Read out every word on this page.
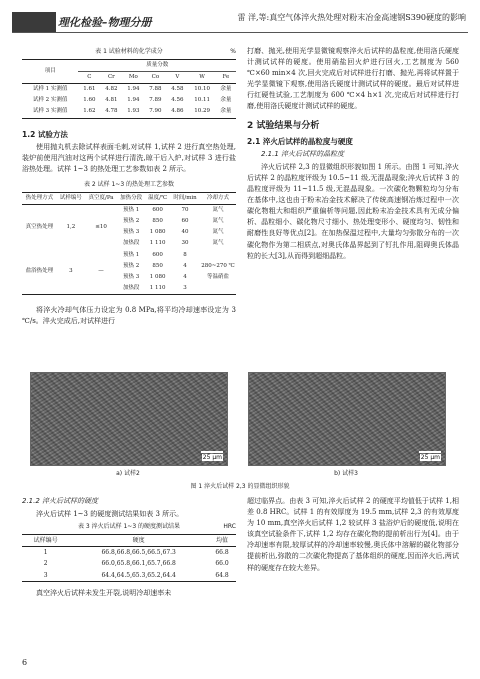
理化检验–物理分册	雷 洋,等:真空气体淬火热处理对粉末冶金高速钢S390硬度的影响
表 1 试验材料的化学成分	%
项目	质量分数						
	C	Cr	Mo	Co	V	W	Fe
试样 1 实测值	1.61	4.82	1.94	7.88	4.58	10.10	余量
试样 2 实测值	1.60	4.81	1.94	7.89	4.56	10.11	余量
试样 3 实测值	1.62	4.78	1.93	7.90	4.86	10.29	余量
1.2 试验方法

使用抛丸机去除试样表面毛刺,对试样 1,试样 2 进行真空热处理,装炉前使用汽油对这两个试样进行清洗,晾干后入炉,对试样 3 进行盐浴热处理。试样 1~3 的热处理工艺参数如表 2 所示。

表 2 试样 1~3 的热处理工艺参数
热处理方式	试样编号	真空度/Pa	加热分段	温度/℃	时间/min	冷却方式
真空热处理	1,2	≤10	预热 1	600	70	氮气
			预热 2	850	60	氮气
			预热 3	1 080	40	氮气
			加热段	1 110	30	氮气
盐浴热处理	3	—	预热 1	600	8	280~270 ℃等温硝盐
			预热 2	850	4	
			预热 3	1 080	4	
			加热段	1 110	3	

将淬火冷却气体压力设定为 0.8 MPa,将平均冷却速率设定为 3 ℃/s。淬火完成后,对试样进行

打磨、抛光,使用光学显微镜观察淬火后试样的晶粒度,使用洛氏硬度计测试试样的硬度。使用硝盐回火炉进行回火,工艺制度为 560 ℃×60 min×4 次,回火完成后对试样进行打磨、抛光,再将试样置于光学显微镜下观察,使用洛氏硬度计测试试样的硬度。最后对试样进行红硬性试验,工艺制度为 600 ℃×4 h×1 次,完成后对试样进行打磨,使用洛氏硬度计测试试样的硬度。

2 试验结果与分析
2.1 淬火后试样的晶粒度与硬度
2.1.1 淬火后试样的晶粒度

淬火后试样 2,3 的显微组织形貌如图 1 所示。由图 1 可知,淬火后试样 2 的晶粒度评级为 10.5~11 级,无混晶现象;淬火后试样 3 的晶粒度评级为 11~11.5 级,无混晶现象。一次碳化物颗粒均匀分布在基体中,这也由于粉末冶金技术解决了传统高速钢冶炼过程中一次碳化物粗大和组织严重偏析等问题,因此粉末冶金技术具有无成分偏析、晶粒细小、碳化物尺寸细小、热处理变形小、硬度均匀、韧性和耐磨性良好等优点[2]。在加热保温过程中,大量均匀弥散分布的一次碳化物作为第二相质点,对奥氏体晶界起到了钉扎作用,阻碍奥氏体晶粒的长大[3],从而得到超细晶粒。

25 μm	25 μm
a) 试样2	b) 试样3
图 1 淬火后试样 2,3 的显微组织形貌
2.1.2 淬火后试样的硬度

淬火后试样 1~3 的硬度测试结果如表 3 所示。

表 3 淬火后试样 1~3 的硬度测试结果	HRC
试样编号	硬度	均值
1	66.8,66.8,66.5,66.5,67.3	66.8
2	66.0,65.8,66.1,65.7,66.8	66.0
3	64.4,64.5,65.3,65.2,64.4	64.8

真空淬火后试样未发生开裂,说明冷却速率未

超过临界点。由表 3 可知,淬火后试样 2 的硬度平均值低于试样 1,相差 0.8 HRC。试样 1 的有效厚度为 19.5 mm,试样 2,3 的有效厚度为 10 mm,真空淬火后试样 1,2 较试样 3 盐浴炉后的硬度低,说明在该真空试验条件下,试样 1,2 均存在碳化物的提前析出行为[4]。由于冷却速率有限,较厚试样的冷却速率较慢,奥氏体中溶解的碳化物部分提前析出,弥散的二次碳化物提高了基体组织的硬度,因而淬火后,两试样的硬度存在较大差异。

6
